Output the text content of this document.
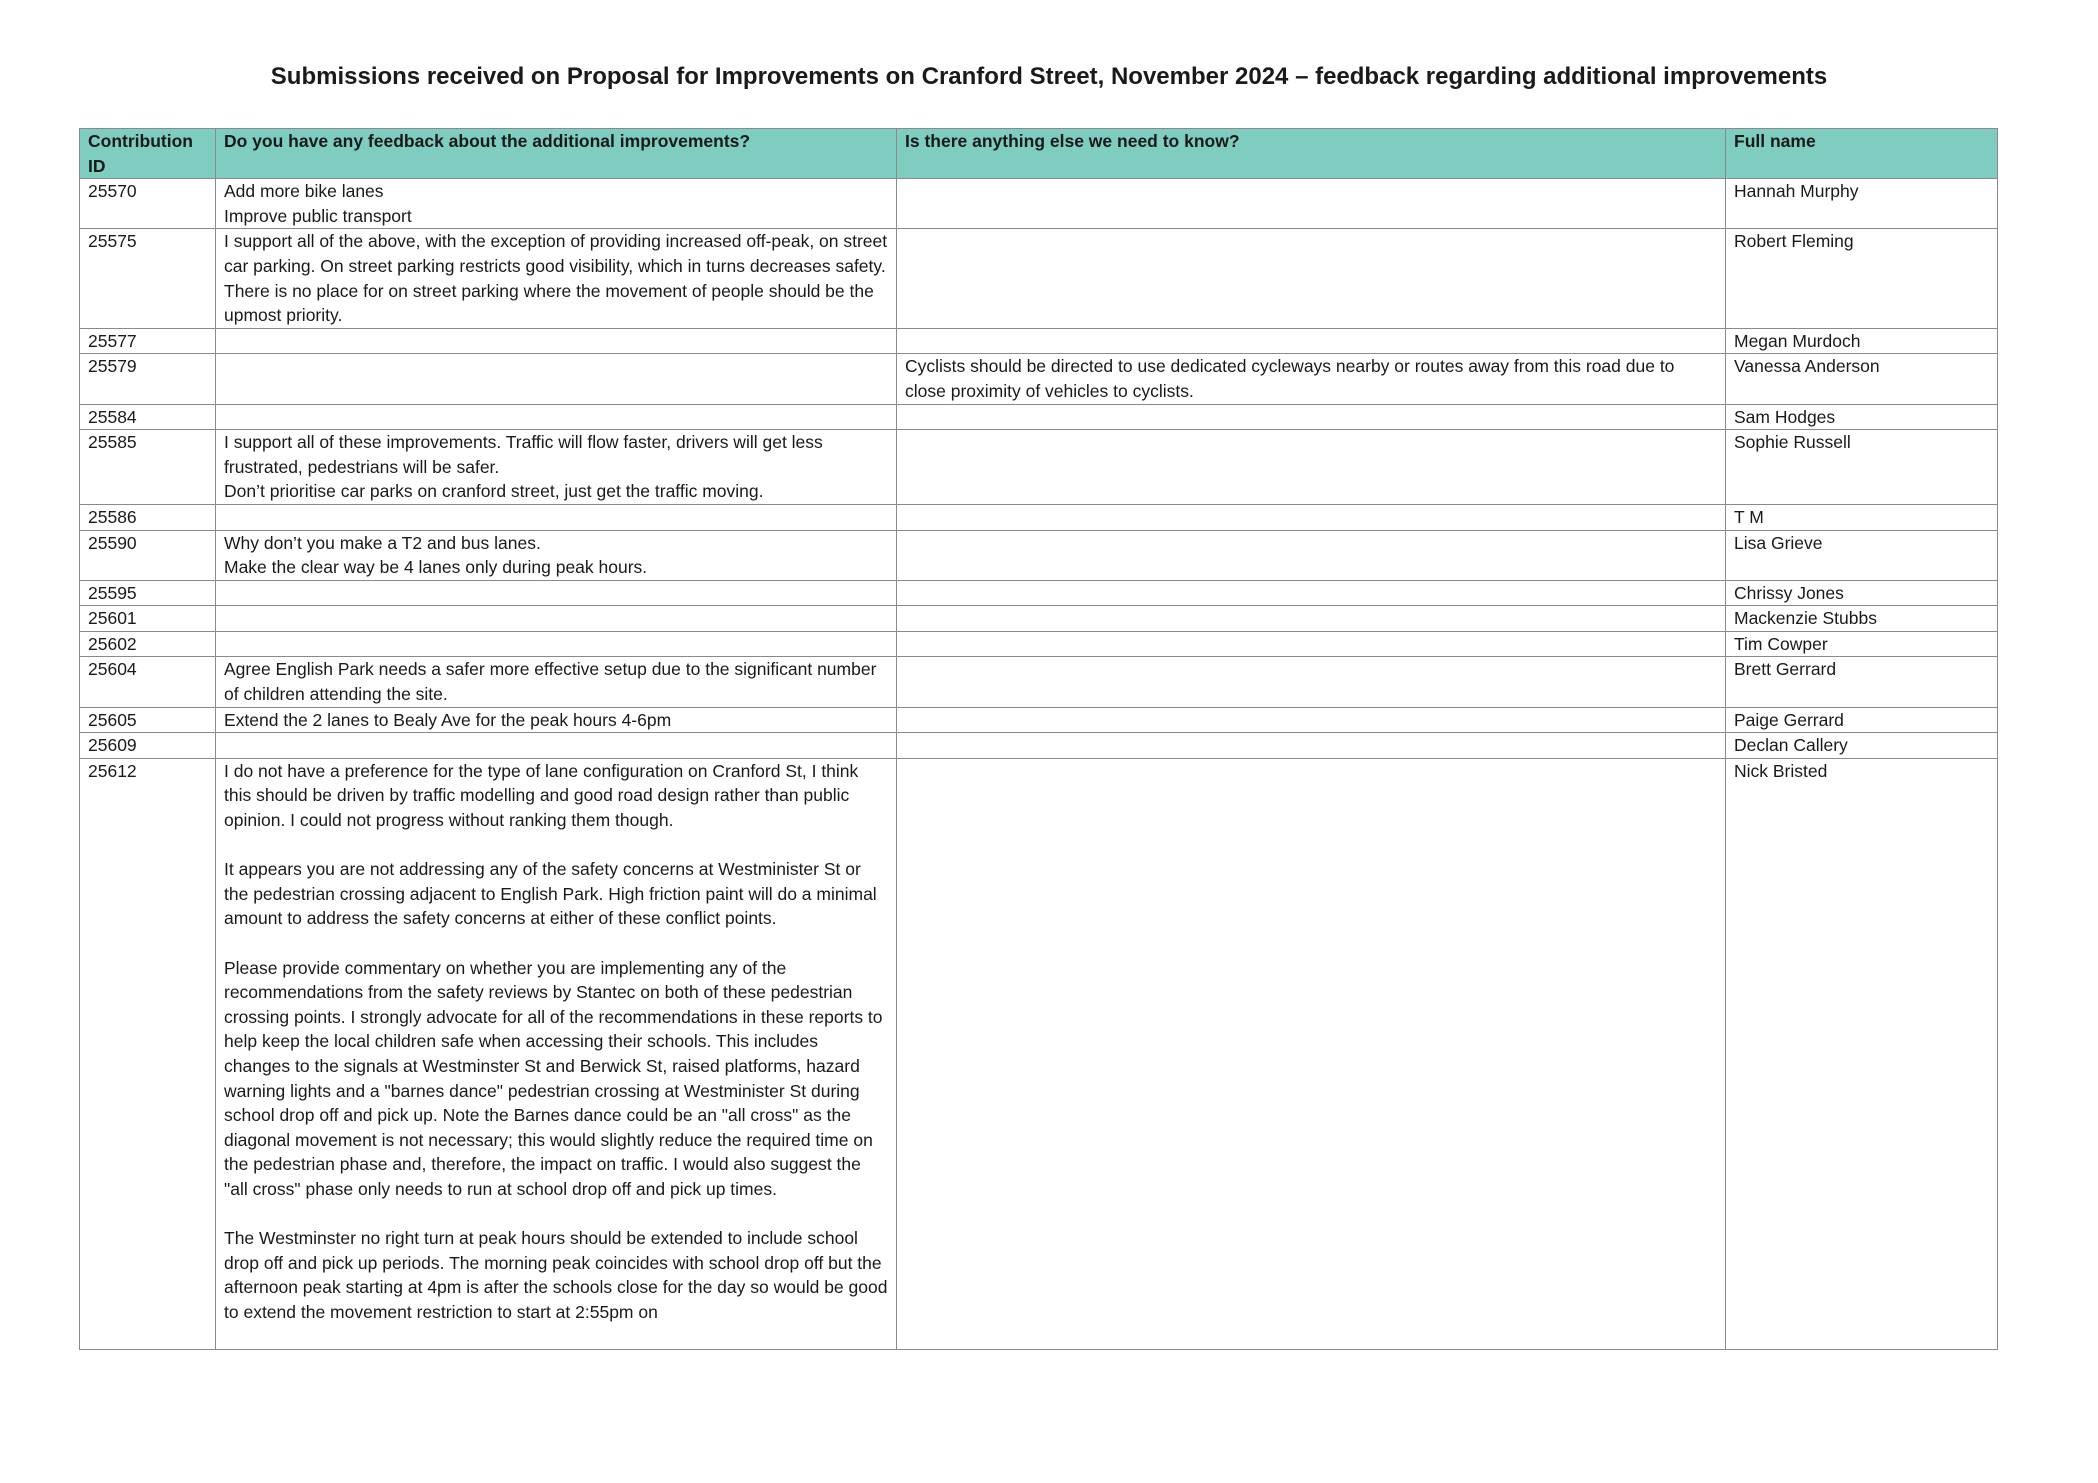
Submissions received on Proposal for Improvements on Cranford Street, November 2024 – feedback regarding additional improvements
Contribution ID	Do you have any feedback about the additional improvements?	Is there anything else we need to know?	Full name
25570	Add more bike lanes
Improve public transport		Hannah Murphy
25575	I support all of the above, with the exception of providing increased off-peak, on street car parking. On street parking restricts good visibility, which in turns decreases safety. There is no place for on street parking where the movement of people should be the upmost priority.		Robert Fleming
25577			Megan Murdoch
25579		Cyclists should be directed to use dedicated cycleways nearby or routes away from this road due to close proximity of vehicles to cyclists.	Vanessa Anderson
25584			Sam Hodges
25585	I support all of these improvements. Traffic will flow faster, drivers will get less frustrated, pedestrians will be safer.
Don’t prioritise car parks on cranford street, just get the traffic moving.		Sophie Russell
25586			T M
25590	Why don’t you make a T2 and bus lanes.
Make the clear way be 4 lanes only during peak hours.		Lisa Grieve
25595			Chrissy Jones
25601			Mackenzie Stubbs
25602			Tim Cowper
25604	Agree English Park needs a safer more effective setup due to the significant number of children attending the site.		Brett Gerrard
25605	Extend the 2 lanes to Bealy Ave for the peak hours 4-6pm		Paige Gerrard
25609			Declan Callery
25612	I do not have a preference for the type of lane configuration on Cranford St, I think this should be driven by traffic modelling and good road design rather than public opinion. I could not progress without ranking them though.

It appears you are not addressing any of the safety concerns at Westminister St or the pedestrian crossing adjacent to English Park. High friction paint will do a minimal amount to address the safety concerns at either of these conflict points.

Please provide commentary on whether you are implementing any of the recommendations from the safety reviews by Stantec on both of these pedestrian crossing points. I strongly advocate for all of the recommendations in these reports to help keep the local children safe when accessing their schools. This includes changes to the signals at Westminster St and Berwick St, raised platforms, hazard warning lights and a "barnes dance" pedestrian crossing at Westminister St during school drop off and pick up. Note the Barnes dance could be an "all cross" as the diagonal movement is not necessary; this would slightly reduce the required time on the pedestrian phase and, therefore, the impact on traffic. I would also suggest the "all cross" phase only needs to run at school drop off and pick up times.

The Westminster no right turn at peak hours should be extended to include school drop off and pick up periods. The morning peak coincides with school drop off but the afternoon peak starting at 4pm is after the schools close for the day so would be good to extend the movement restriction to start at 2:55pm on		Nick Bristed
